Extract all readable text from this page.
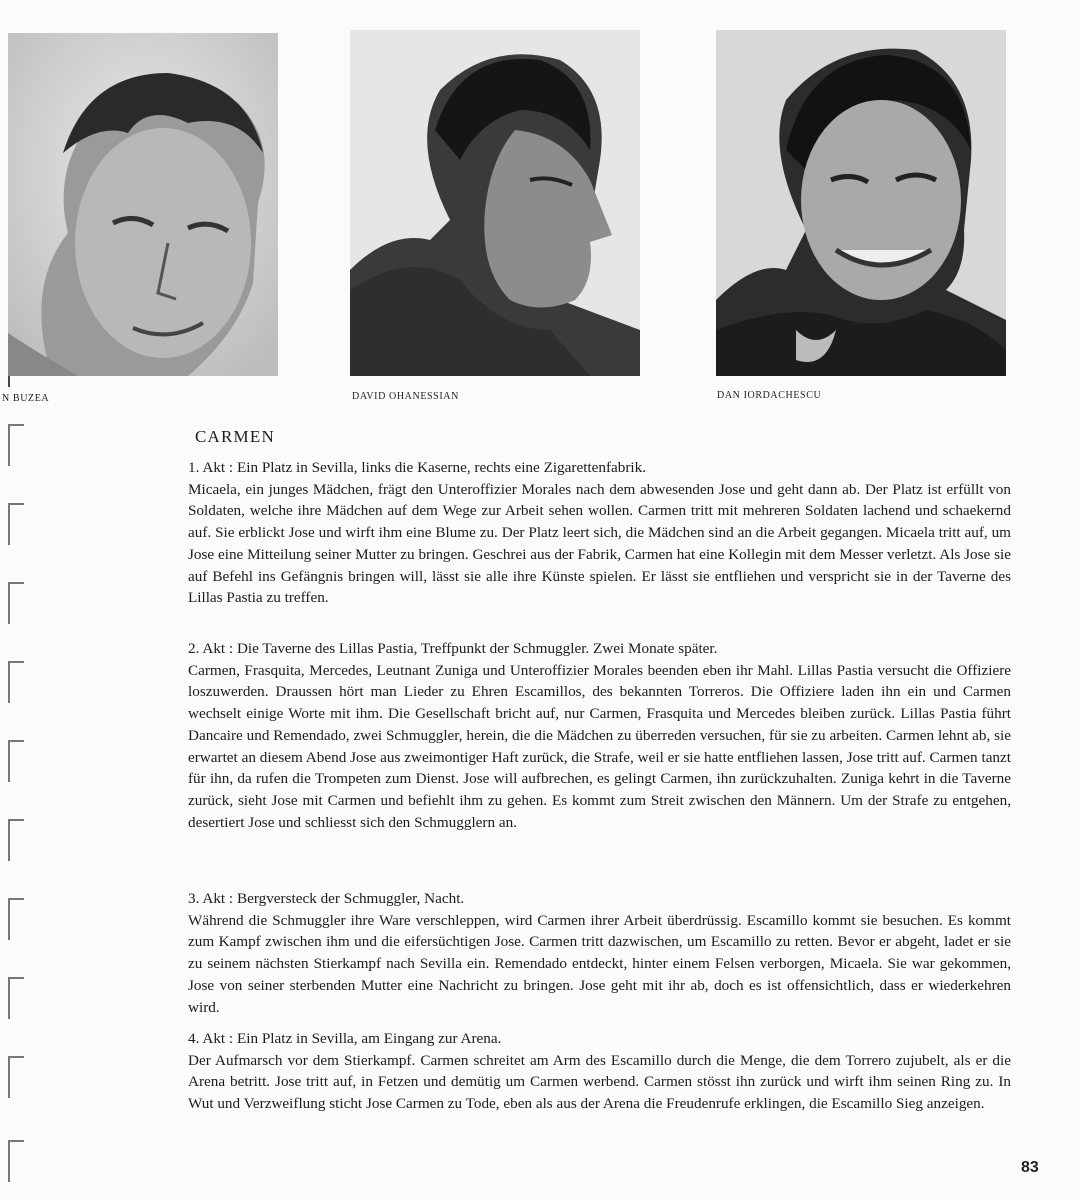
N BUZEA	DAVID OHANESSIAN	DAN IORDACHESCU
CARMEN

1. Akt : Ein Platz in Sevilla, links die Kaserne, rechts eine Zigarettenfabrik.

Micaela, ein junges Mädchen, frägt den Unteroffizier Morales nach dem abwesenden Jose und geht dann ab. Der Platz ist erfüllt von Soldaten, welche ihre Mädchen auf dem Wege zur Arbeit sehen wollen. Carmen tritt mit mehreren Soldaten lachend und schaekernd auf. Sie erblickt Jose und wirft ihm eine Blume zu. Der Platz leert sich, die Mädchen sind an die Arbeit gegangen. Micaela tritt auf, um Jose eine Mitteilung seiner Mutter zu bringen. Geschrei aus der Fabrik, Carmen hat eine Kollegin mit dem Messer verletzt. Als Jose sie auf Befehl ins Gefängnis bringen will, lässt sie alle ihre Künste spielen. Er lässt sie entfliehen und verspricht sie in der Taverne des Lillas Pastia zu treffen.

2. Akt : Die Taverne des Lillas Pastia, Treffpunkt der Schmuggler. Zwei Monate später.

Carmen, Frasquita, Mercedes, Leutnant Zuniga und Unteroffizier Morales beenden eben ihr Mahl. Lillas Pastia versucht die Offiziere loszuwerden. Draussen hört man Lieder zu Ehren Escamillos, des bekannten Torreros. Die Offiziere laden ihn ein und Carmen wechselt einige Worte mit ihm. Die Gesellschaft bricht auf, nur Carmen, Frasquita und Mercedes bleiben zurück. Lillas Pastia führt Dancaire und Remendado, zwei Schmuggler, herein, die die Mädchen zu überreden versuchen, für sie zu arbeiten. Carmen lehnt ab, sie erwartet an diesem Abend Jose aus zweimontiger Haft zurück, die Strafe, weil er sie hatte entfliehen lassen, Jose tritt auf. Carmen tanzt für ihn, da rufen die Trompeten zum Dienst. Jose will aufbrechen, es gelingt Carmen, ihn zurückzuhalten. Zuniga kehrt in die Taverne zurück, sieht Jose mit Carmen und befiehlt ihm zu gehen. Es kommt zum Streit zwischen den Männern. Um der Strafe zu entgehen, desertiert Jose und schliesst sich den Schmugglern an.

3. Akt : Bergversteck der Schmuggler, Nacht.

Während die Schmuggler ihre Ware verschleppen, wird Carmen ihrer Arbeit überdrüssig. Escamillo kommt sie besuchen. Es kommt zum Kampf zwischen ihm und die eifersüchtigen Jose. Carmen tritt dazwischen, um Escamillo zu retten. Bevor er abgeht, ladet er sie zu seinem nächsten Stierkampf nach Sevilla ein. Remendado entdeckt, hinter einem Felsen verborgen, Micaela. Sie war gekommen, Jose von seiner sterbenden Mutter eine Nachricht zu bringen. Jose geht mit ihr ab, doch es ist offensichtlich, dass er wiederkehren wird.

4. Akt : Ein Platz in Sevilla, am Eingang zur Arena.

Der Aufmarsch vor dem Stierkampf. Carmen schreitet am Arm des Escamillo durch die Menge, die dem Torrero zujubelt, als er die Arena betritt. Jose tritt auf, in Fetzen und demütig um Carmen werbend. Carmen stösst ihn zurück und wirft ihm seinen Ring zu. In Wut und Verzweiflung sticht Jose Carmen zu Tode, eben als aus der Arena die Freudenrufe erklingen, die Escamillo Sieg anzeigen.

83
